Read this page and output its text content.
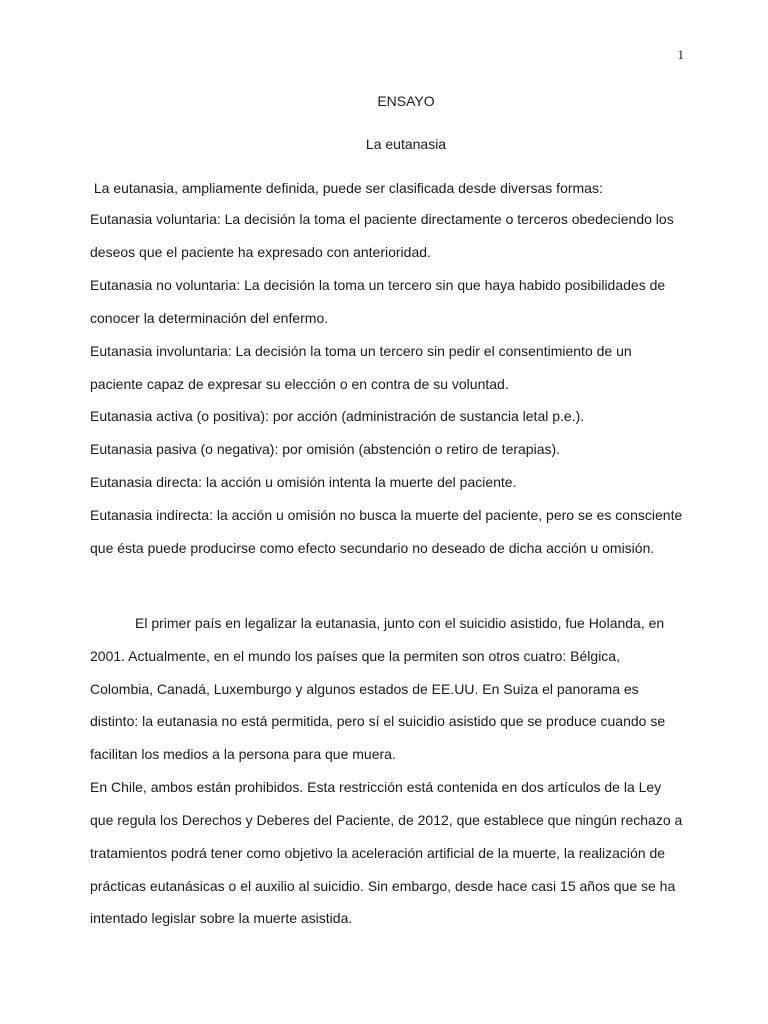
1
ENSAYO
La eutanasia
La eutanasia, ampliamente definida, puede ser clasificada desde diversas formas:
Eutanasia voluntaria: La decisión la toma el paciente directamente o terceros obedeciendo los
deseos que el paciente ha expresado con anterioridad.
Eutanasia no voluntaria: La decisión la toma un tercero sin que haya habido posibilidades de
conocer la determinación del enfermo.
Eutanasia involuntaria: La decisión la toma un tercero sin pedir el consentimiento de un
paciente capaz de expresar su elección o en contra de su voluntad.
Eutanasia activa (o positiva): por acción (administración de sustancia letal p.e.).
Eutanasia pasiva (o negativa): por omisión (abstención o retiro de terapias).
Eutanasia directa: la acción u omisión intenta la muerte del paciente.
Eutanasia indirecta: la acción u omisión no busca la muerte del paciente, pero se es consciente
que ésta puede producirse como efecto secundario no deseado de dicha acción u omisión.
El primer país en legalizar la eutanasia, junto con el suicidio asistido, fue Holanda, en
2001. Actualmente, en el mundo los países que la permiten son otros cuatro: Bélgica,
Colombia, Canadá, Luxemburgo y algunos estados de EE.UU. En Suiza el panorama es
distinto: la eutanasia no está permitida, pero sí el suicidio asistido que se produce cuando se
facilitan los medios a la persona para que muera.
En Chile, ambos están prohibidos. Esta restricción está contenida en dos artículos de la Ley
que regula los Derechos y Deberes del Paciente, de 2012, que establece que ningún rechazo a
tratamientos podrá tener como objetivo la aceleración artificial de la muerte, la realización de
prácticas eutanásicas o el auxilio al suicidio. Sin embargo, desde hace casi 15 años que se ha
intentado legislar sobre la muerte asistida.
